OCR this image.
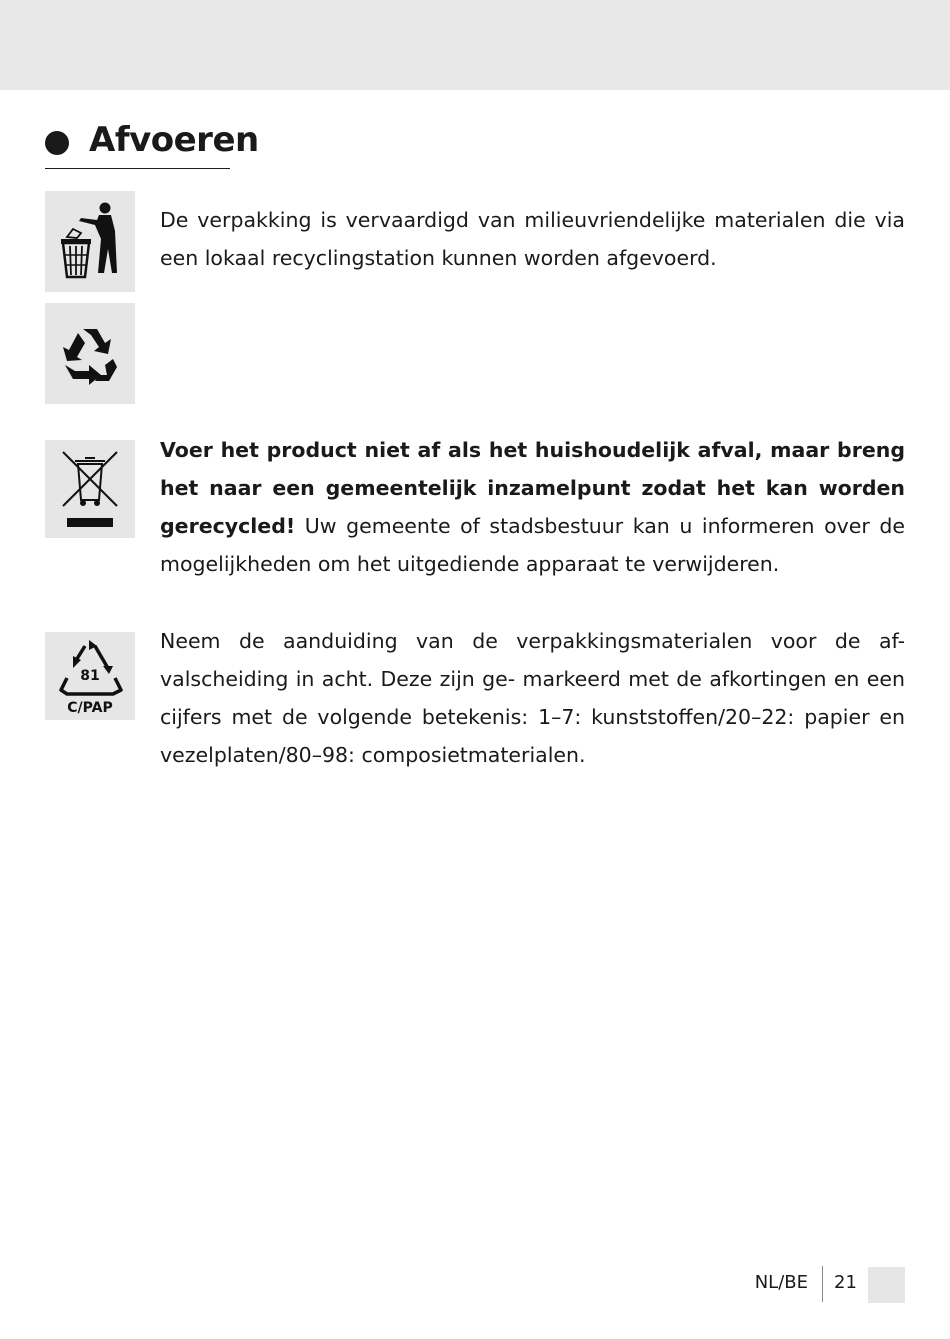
Afvoeren
81
C/PAP
De verpakking is vervaardigd van milieuvriendelijke materialen die via een lokaal recyclingstation kunnen worden afgevoerd.
Voer het product niet af als het huishoudelijk afval, maar breng het naar een gemeentelijk inzamelpunt zodat het kan worden gerecycled! Uw gemeente of stadsbestuur kan u informeren over de mogelijkheden om het uitgediende apparaat te verwijderen.
Neem de aanduiding van de verpakkingsmaterialen voor de af- valscheiding in acht. Deze zijn ge- markeerd met de afkortingen en een cijfers met de volgende betekenis: 1–7: kunststoffen/20–22: papier en vezelplaten/80–98: composietmaterialen.
NL/BE 21
